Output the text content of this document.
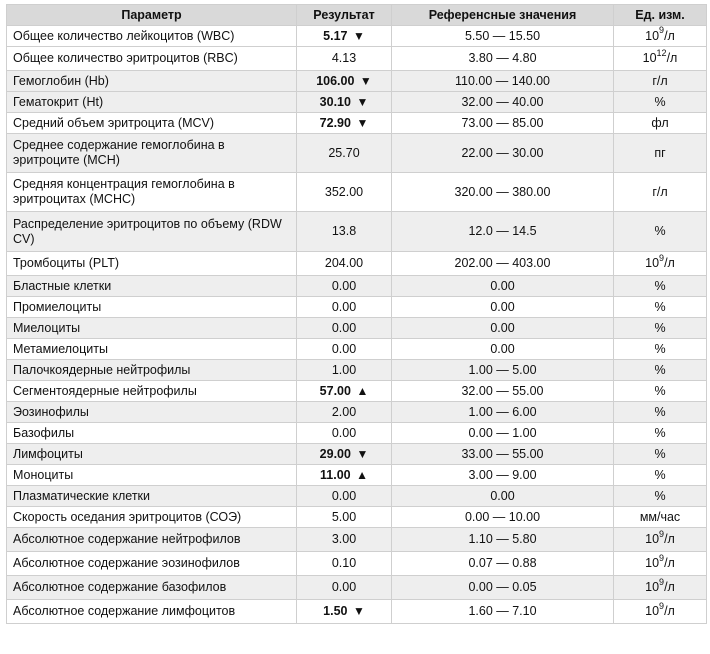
Параметр	Результат	Референсные значения	Ед. изм.
Общее количество лейкоцитов (WBC)	5.17 ▼	5.50 — 15.50	$10^9/л$
Общее количество эритроцитов (RBC)	4.13	3.80 — 4.80	$10^{12}/л$
Гемоглобин (Hb)	106.00 ▼	110.00 — 140.00	г/л
Гематокрит (Ht)	30.10 ▼	32.00 — 40.00	%
Средний объем эритроцита (MCV)	72.90 ▼	73.00 — 85.00	фл
Среднее содержание гемоглобина в эритроците (MCH)	25.70	22.00 — 30.00	пг
Средняя концентрация гемоглобина в эритроцитах (MCHC)	352.00	320.00 — 380.00	г/л
Распределение эритроцитов по объему (RDW CV)	13.8	12.0 — 14.5	%
Тромбоциты (PLT)	204.00	202.00 — 403.00	$10^9/л$
Бластные клетки	0.00	0.00	%
Промиелоциты	0.00	0.00	%
Миелоциты	0.00	0.00	%
Метамиелоциты	0.00	0.00	%
Палочкоядерные нейтрофилы	1.00	1.00 — 5.00	%
Сегментоядерные нейтрофилы	57.00 ▲	32.00 — 55.00	%
Эозинофилы	2.00	1.00 — 6.00	%
Базофилы	0.00	0.00 — 1.00	%
Лимфоциты	29.00 ▼	33.00 — 55.00	%
Моноциты	11.00 ▲	3.00 — 9.00	%
Плазматические клетки	0.00	0.00	%
Скорость оседания эритроцитов (СОЭ)	5.00	0.00 — 10.00	мм/час
Абсолютное содержание нейтрофилов	3.00	1.10 — 5.80	$10^9/л$
Абсолютное содержание эозинофилов	0.10	0.07 — 0.88	$10^9/л$
Абсолютное содержание базофилов	0.00	0.00 — 0.05	$10^9/л$
Абсолютное содержание лимфоцитов	1.50 ▼	1.60 — 7.10	$10^9/л$
